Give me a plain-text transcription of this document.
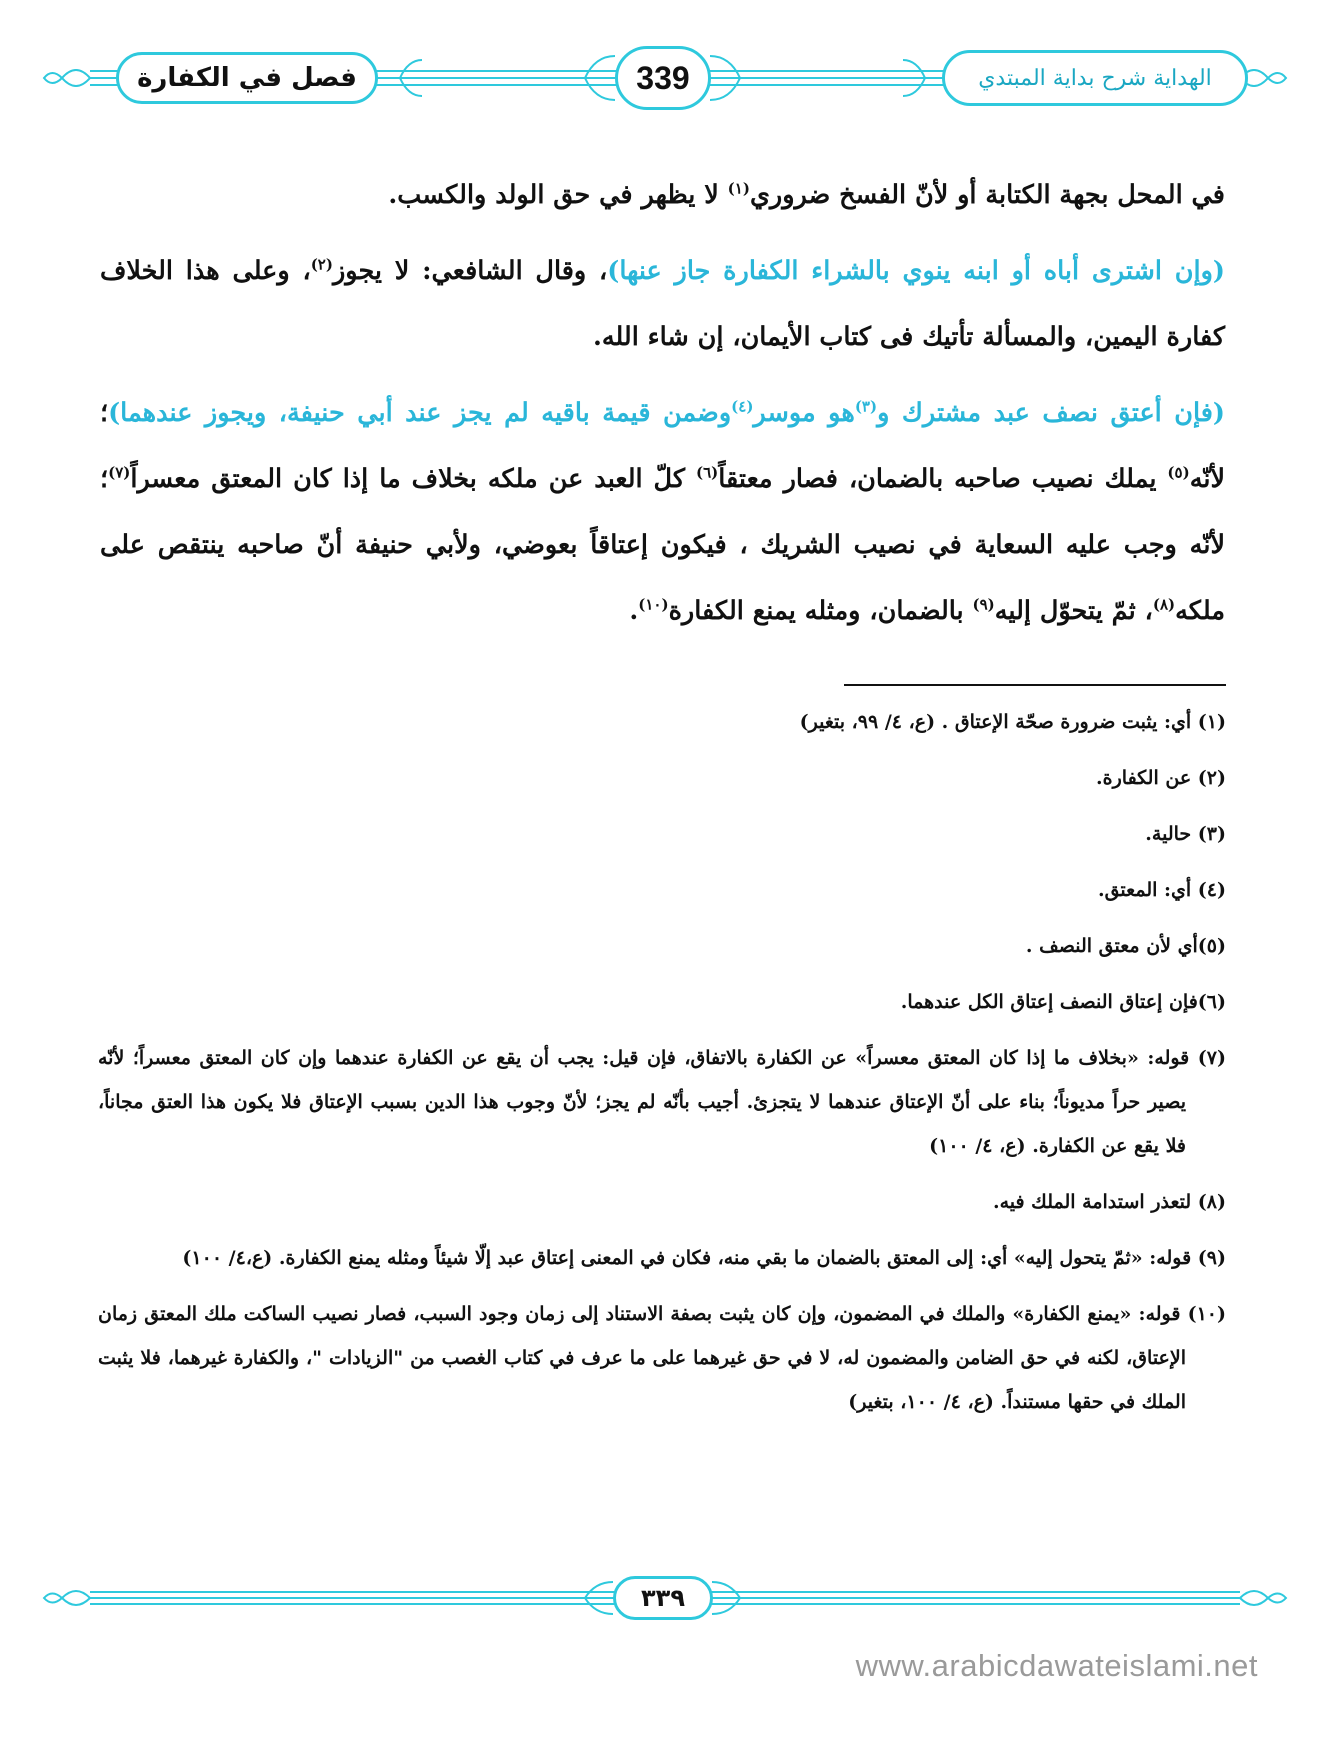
فصل في الكفارة	339	الهداية شرح بداية المبتدي

في المحل بجهة الكتابة أو لأنّ الفسخ ضروري$^{(١)}$ لا يظهر في حق الولد والكسب.

(وإن اشترى أباه أو ابنه ينوي بالشراء الكفارة جاز عنها)، وقال الشافعي: لا يجوز$^{(٢)}$، وعلى هذا الخلاف كفارة اليمين، والمسألة تأتيك فى كتاب الأيمان، إن شاء الله.

(فإن أعتق نصف عبد مشترك و$^{(٣)}$هو موسر$^{(٤)}$وضمن قيمة باقيه لم يجز عند أبي حنيفة، ويجوز عندهما)؛ لأنّه$^{(٥)}$ يملك نصيب صاحبه بالضمان، فصار معتقاً$^{(٦)}$ كلّ العبد عن ملكه بخلاف ما إذا كان المعتق معسراً$^{(٧)}$؛ لأنّه وجب عليه السعاية في نصيب الشريك ، فيكون إعتاقاً بعوضي، ولأبي حنيفة أنّ صاحبه ينتقص على ملكه$^{(٨)}$، ثمّ يتحوّل إليه$^{(٩)}$ بالضمان، ومثله يمنع الكفارة$^{(١٠)}$.

(١) أي: يثبت ضرورة صحّة الإعتاق . (ع، ٤/ ٩٩، بتغير)
(٢) عن الكفارة.
(٣) حالية.
(٤) أي: المعتق.
(٥)أي لأن معتق النصف .
(٦)فإن إعتاق النصف إعتاق الكل عندهما.
(٧) قوله: «بخلاف ما إذا كان المعتق معسراً» عن الكفارة بالاتفاق، فإن قيل: يجب أن يقع عن الكفارة عندهما وإن كان المعتق معسراً؛ لأنّه يصير حراً مديوناً؛ بناء على أنّ الإعتاق عندهما لا يتجزئ. أجيب بأنّه لم يجز؛ لأنّ وجوب هذا الدين بسبب الإعتاق فلا يكون هذا العتق مجاناً، فلا يقع عن الكفارة. (ع، ٤/ ١٠٠)
(٨) لتعذر استدامة الملك فيه.
(٩) قوله: «ثمّ يتحول إليه» أي: إلى المعتق بالضمان ما بقي منه، فكان في المعنى إعتاق عبد إلّا شيئاً ومثله يمنع الكفارة. (ع،٤/ ١٠٠)
(١٠) قوله: «يمنع الكفارة» والملك في المضمون، وإن كان يثبت بصفة الاستناد إلى زمان وجود السبب، فصار نصيب الساكت ملك المعتق زمان الإعتاق، لكنه في حق الضامن والمضمون له، لا في حق غيرهما على ما عرف في كتاب الغصب من "الزيادات "، والكفارة غيرهما، فلا يثبت الملك في حقها مستنداً. (ع، ٤/ ١٠٠، بتغير)
٣٣٩
www.arabicdawateislami.net
